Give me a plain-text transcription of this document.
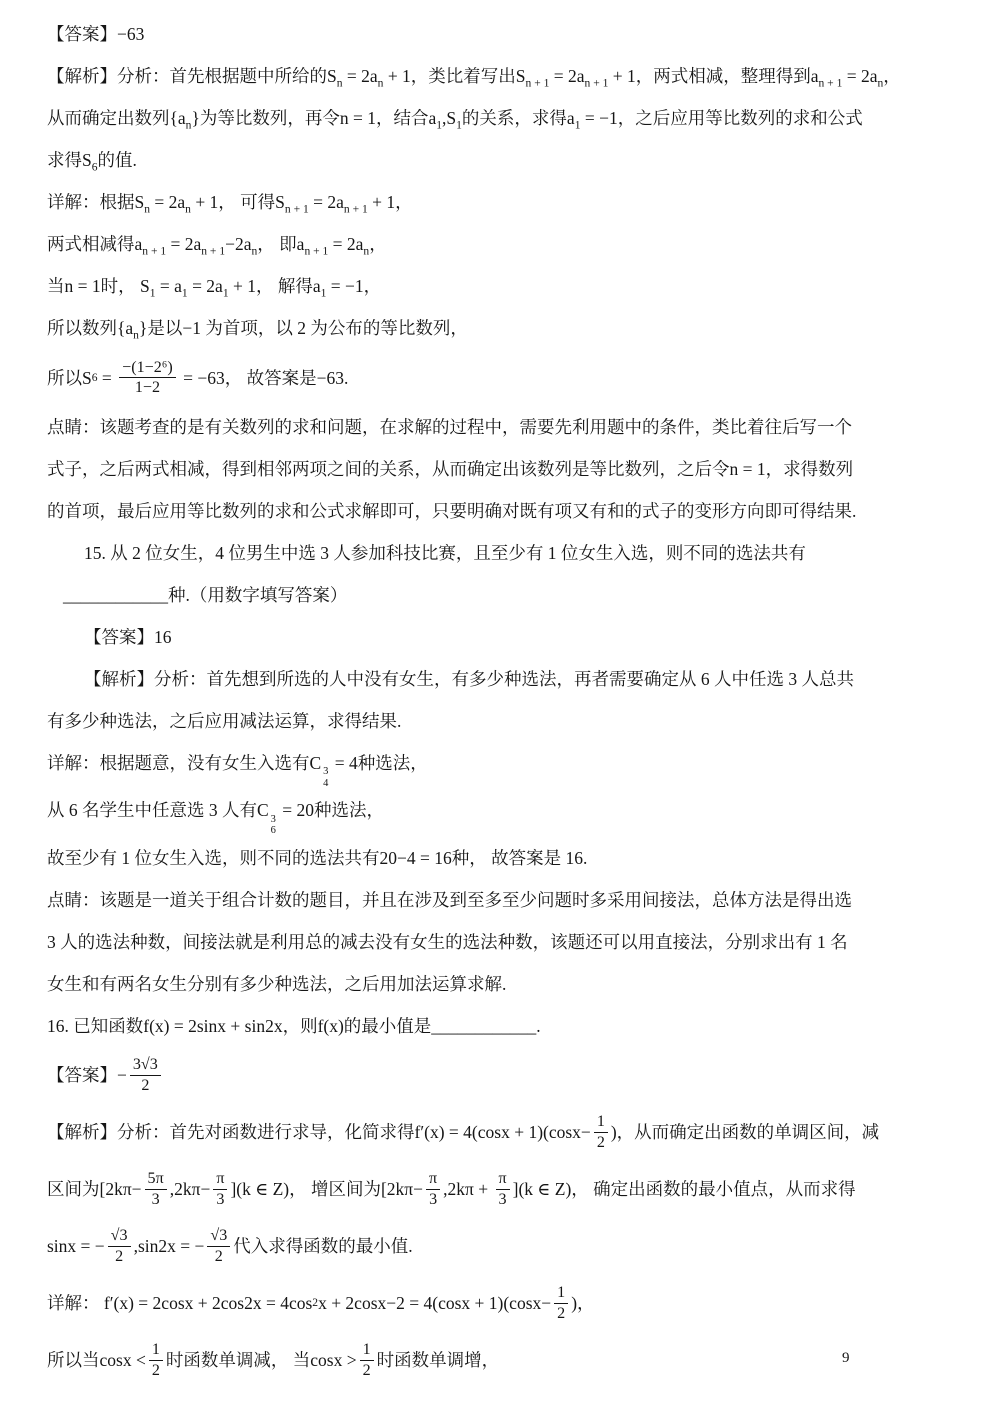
【答案】−63
【解析】分析：首先根据题中所给的$S_n = 2a_n + 1$，类比着写出$S_{n + 1} = 2a_{n + 1} + 1$，两式相减，整理得到$a_{n + 1} = 2a_n$，
从而确定出数列$\{a_n\}$为等比数列，再令n = 1，结合$a_1,S_1$的关系，求得$a_1 = -1$，之后应用等比数列的求和公式
求得$S_6$的值.
详解：根据$S_n = 2a_n + 1$， 可得$S_{n + 1} = 2a_{n + 1} + 1$，
两式相减得$a_{n + 1} = 2a_{n + 1}-2a_n$， 即$a_{n + 1} = 2a_n$，
当n = 1时， $S_1 = a_1 = 2a_1 + 1$， 解得$a_1 = -1$，
所以数列$\{a_n\}$是以−1 为首项，以 2 为公布的等比数列，
所以S $6 = \frac{\text{−(1−2⁶)}}{1-2} = -63$， 故答案是−63.
点睛：该题考查的是有关数列的求和问题，在求解的过程中，需要先利用题中的条件，类比着往后写一个
式子，之后两式相减，得到相邻两项之间的关系，从而确定出该数列是等比数列，之后令n = 1，求得数列
的首项，最后应用等比数列的求和公式求解即可，只要明确对既有项又有和的式子的变形方向即可得结果.
15. 从 2 位女生，4 位男生中选 3 人参加科技比赛，且至少有 1 位女生入选，则不同的选法共有
____________种.（用数字填写答案）
【答案】16
【解析】分析：首先想到所选的人中没有女生，有多少种选法，再者需要确定从 6 人中任选 3 人总共
有多少种选法，之后应用减法运算，求得结果.
详解：根据题意，没有女生入选有C 3
4
= 4种选法，
从 6 名学生中任意选 3 人有C 3
6
= 20种选法，
故至少有 1 位女生入选，则不同的选法共有20−4 = 16种， 故答案是 16.
点睛：该题是一道关于组合计数的题目，并且在涉及到至多至少问题时多采用间接法，总体方法是得出选
3 人的选法种数，间接法就是利用总的减去没有女生的选法种数，该题还可以用直接法，分别求出有 1 名
女生和有两名女生分别有多少种选法，之后用加法运算求解.
16. 已知函数f(x) = 2sinx + sin2x，则f(x)的最小值是____________.
【答案】− $\frac{3√3}{2}$
【解析】分析：首先对函数进行求导，化简求得$f'(x) = 4(\cos x + 1)(\cos x- \frac{1}{2}$ )，从而确定出函数的单调区间，减
区间为$[2k\pi- \frac{5\pi}{3} ,2k\pi- \frac{\pi}{3} ](k$ ∈ Z)， 增区间为$[2k\pi- \frac{\pi}{3} ,2k\pi + \frac{\pi}{3} ](k$ ∈ Z)， 确定出函数的最小值点，从而求得
sinx = − $\frac{√3}{2} ,\sin 2x$ = − $\frac{√3}{2}$ 代入求得函数的最小值.
详解： f′(x) = 2cosx + 2cos2x = 4cos 2 $x + 2\cos x-2 = 4(\cos x + 1)(\cos x- \frac{1}{2}$ )，
所以当$\cos x < \frac{1}{2}$ 时函数单调减， 当$\cos x > \frac{1}{2}$ 时函数单调增，	9
